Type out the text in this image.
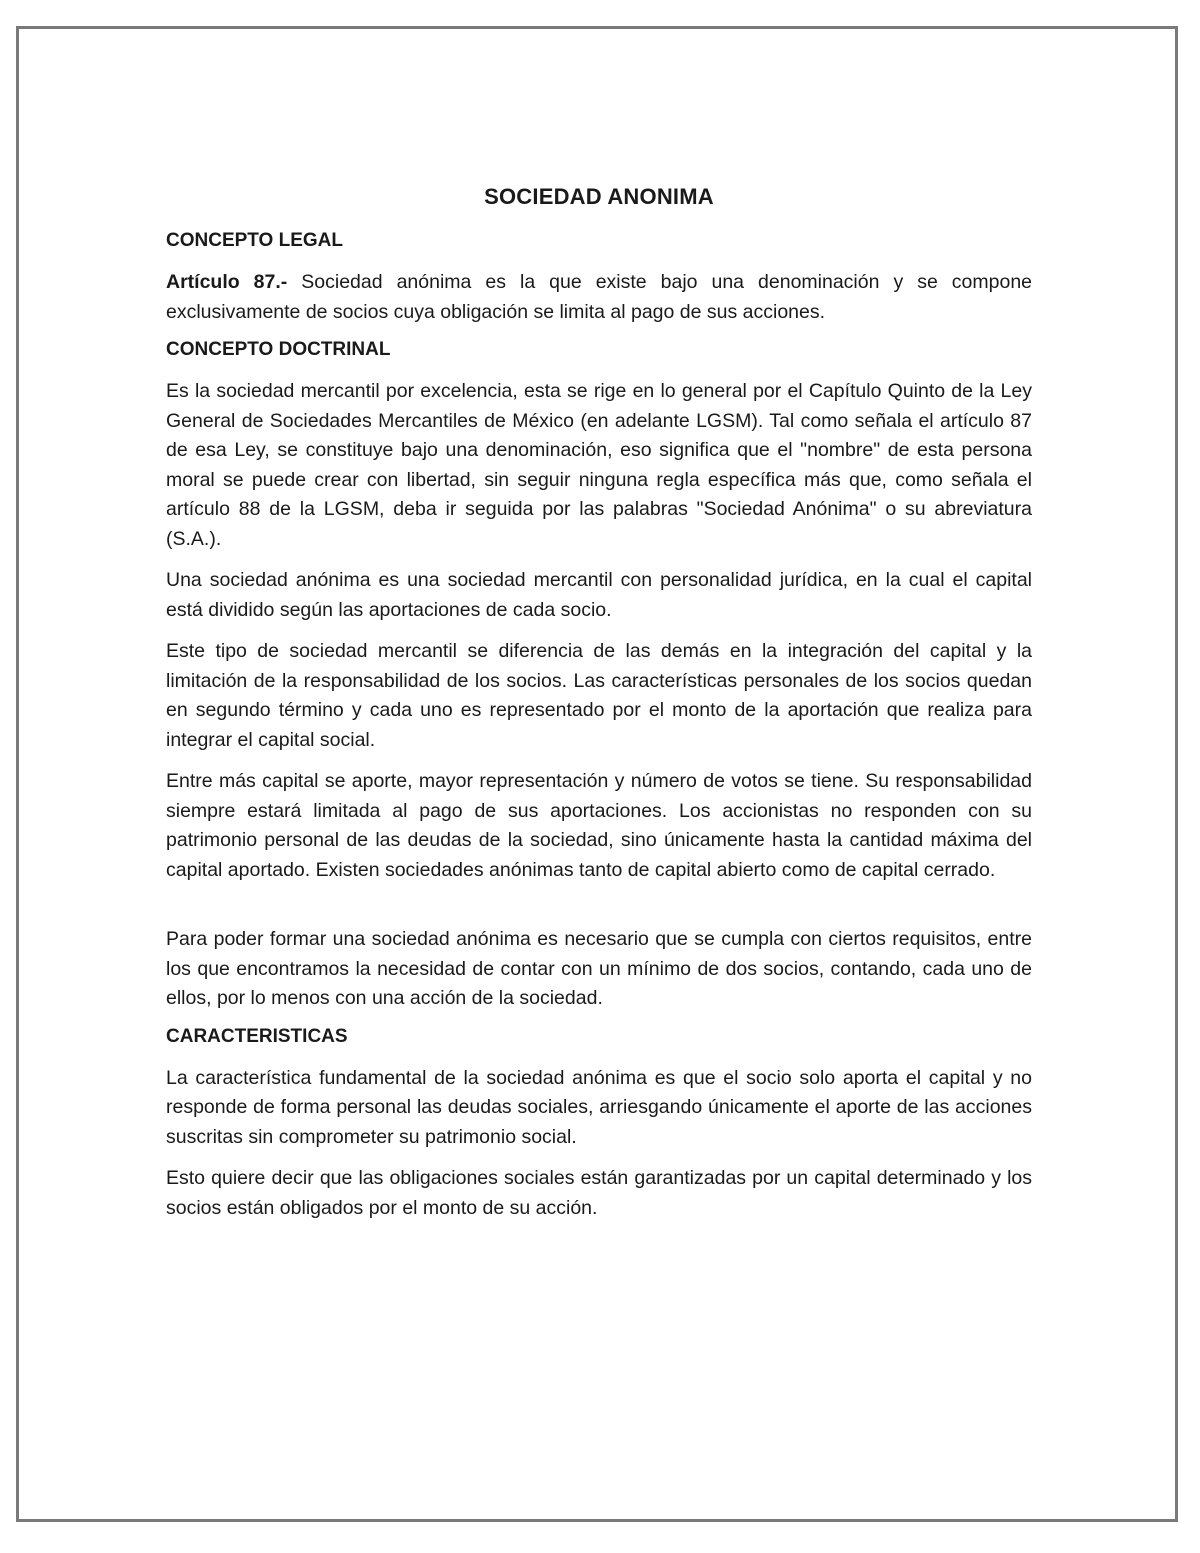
SOCIEDAD ANONIMA
CONCEPTO LEGAL

Artículo 87.- Sociedad anónima es la que existe bajo una denominación y se compone exclusivamente de socios cuya obligación se limita al pago de sus acciones.

CONCEPTO DOCTRINAL

Es la sociedad mercantil por excelencia, esta se rige en lo general por el Capítulo Quinto de la Ley General de Sociedades Mercantiles de México (en adelante LGSM). Tal como señala el artículo 87 de esa Ley, se constituye bajo una denominación, eso significa que el "nombre" de esta persona moral se puede crear con libertad, sin seguir ninguna regla específica más que, como señala el artículo 88 de la LGSM, deba ir seguida por las palabras "Sociedad Anónima" o su abreviatura (S.A.).

Una sociedad anónima es una sociedad mercantil con personalidad jurídica, en la cual el capital está dividido según las aportaciones de cada socio.

Este tipo de sociedad mercantil se diferencia de las demás en la integración del capital y la limitación de la responsabilidad de los socios. Las características personales de los socios quedan en segundo término y cada uno es representado por el monto de la aportación que realiza para integrar el capital social.

Entre más capital se aporte, mayor representación y número de votos se tiene. Su responsabilidad siempre estará limitada al pago de sus aportaciones. Los accionistas no responden con su patrimonio personal de las deudas de la sociedad, sino únicamente hasta la cantidad máxima del capital aportado. Existen sociedades anónimas tanto de capital abierto como de capital cerrado.

Para poder formar una sociedad anónima es necesario que se cumpla con ciertos requisitos, entre los que encontramos la necesidad de contar con un mínimo de dos socios, contando, cada uno de ellos, por lo menos con una acción de la sociedad.

CARACTERISTICAS

La característica fundamental de la sociedad anónima es que el socio solo aporta el capital y no responde de forma personal las deudas sociales, arriesgando únicamente el aporte de las acciones suscritas sin comprometer su patrimonio social.

Esto quiere decir que las obligaciones sociales están garantizadas por un capital determinado y los socios están obligados por el monto de su acción.
